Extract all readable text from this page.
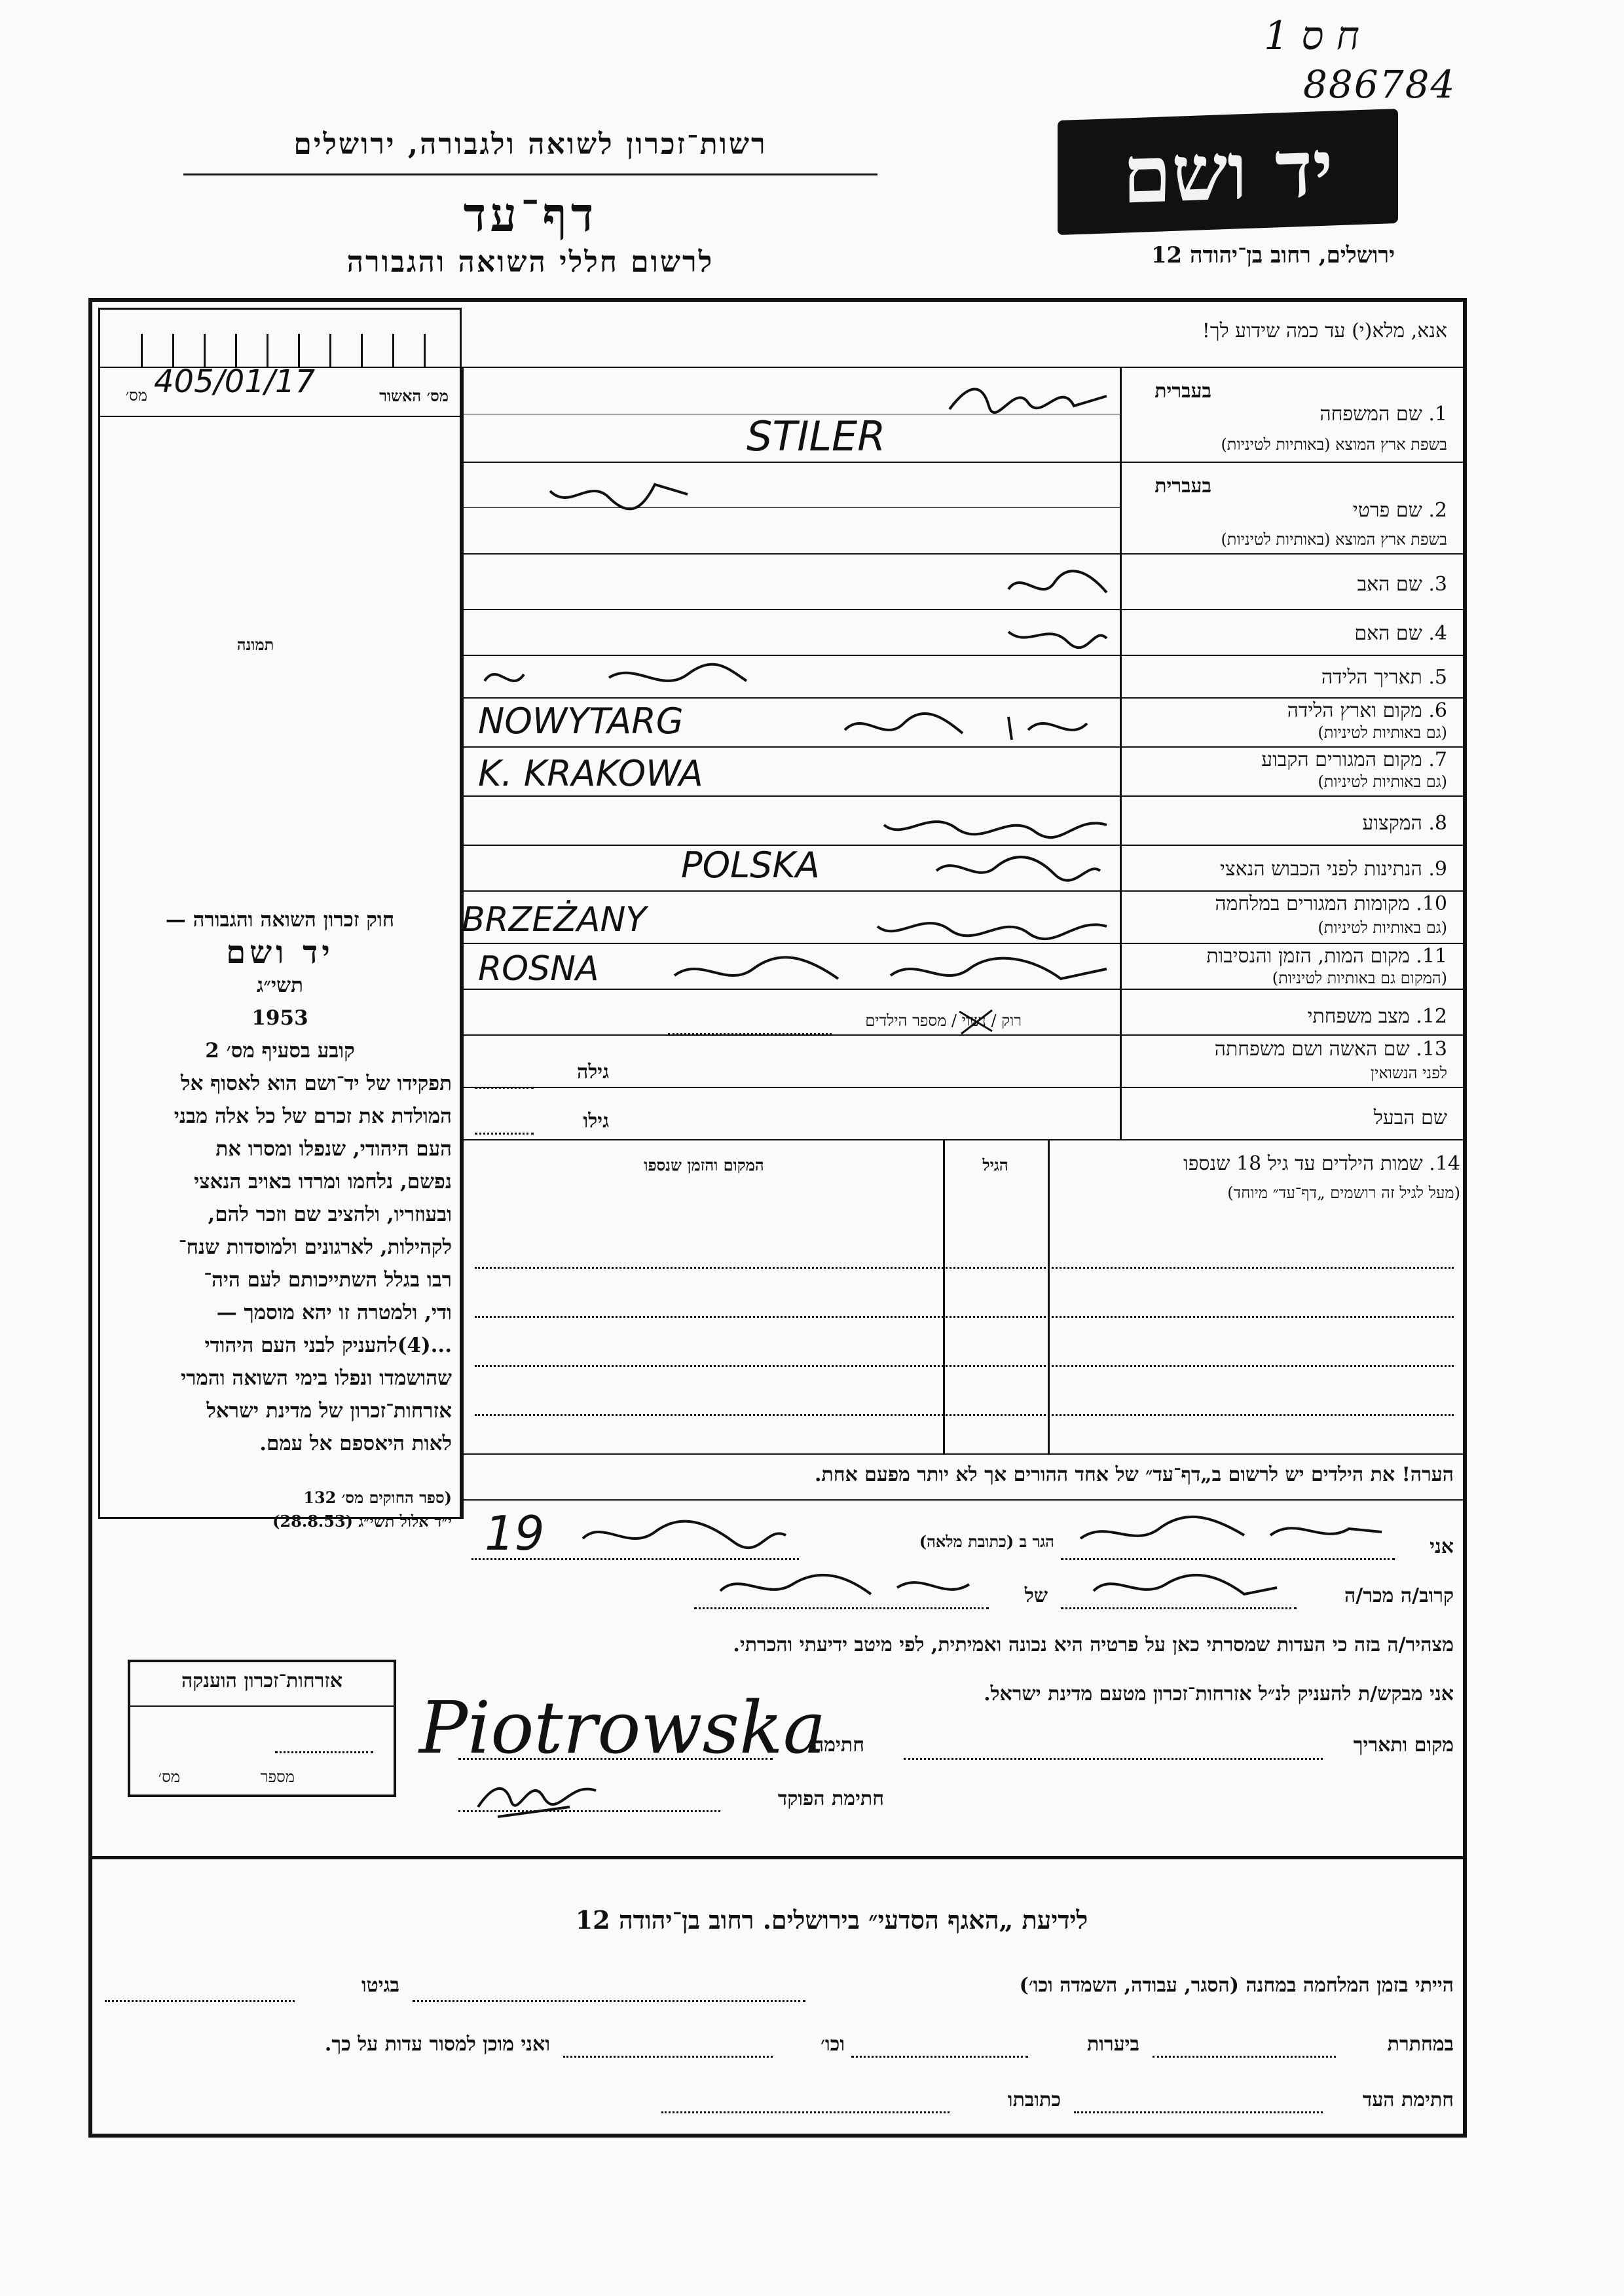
1 ח ס
886784
יד ושם
ירושלים, רחוב בן־יהודה 12
רשות־זכרון לשואה ולגבורה, ירושלים
דף־עד
לרשום חללי השואה והגבורה
אנא, מלא(י) עד כמה שידוע לך!
מס׳ האשור
מס׳ 405/01/17
תמונה

חוק זכרון השואה והגבורה —

יד ושם

תשי״ג

1953

קובע בסעיף מס׳ 2

תפקידו של יד־ושם הוא לאסוף אל

המולדת את זכרם של כל אלה מבני

העם היהודי, שנפלו ומסרו את

נפשם, נלחמו ומרדו באויב הנאצי

ובעוזריו, ולהציב שם וזכר להם,

לקהילות, לארגונים ולמוסדות שנח־

רבו בגלל השתייכותם לעם היה־

ודי, ולמטרה זו יהא מוסמך —

...(4)להעניק לבני העם היהודי

שהושמדו ונפלו בימי השואה והמרי

אזרחות־זכרון של מדינת ישראל

לאות היאספם אל עמם.

(ספר החוקים מס׳ 132

י״ד אלול תשי״ג (28.8.53)

בעברית
1. שם המשפחה
בשפת ארץ המוצא (באותיות לטיניות)
בעברית
2. שם פרטי
בשפת ארץ המוצא (באותיות לטיניות)
3. שם האב
4. שם האם
5. תאריך הלידה
6. מקום וארץ הלידה
(גם באותיות לטיניות)
7. מקום המגורים הקבוע
(גם באותיות לטיניות)
8. המקצוע
9. הנתינות לפני הכבוש הנאצי
10. מקומות המגורים במלחמה
(גם באותיות לטיניות)
11. מקום המות, הזמן והנסיבות
(המקום גם באותיות לטיניות)
12. מצב משפחתי
13. שם האשה ושם משפחתה
לפני הנשואין
שם הבעל
רוק / נשוי / מספר הילדים
גילה
גילו
STILER
NOWYTARG
K. KRAKOWA
POLSKA
BRZEŻANY
ROSNA
14. שמות הילדים עד גיל 18 שנספו
(מעל לגיל זה רושמים „דף־עד״ מיוחד)
הגיל
המקום והזמן שנספו
הערה! את הילדים יש לרשום ב„דף־עד״ של אחד ההורים אך לא יותר מפעם אחת.
אני
הגר ב (כתובת מלאה)
19
קרוב/ה מכר/ה
של
מצהיר/ה בזה כי העדות שמסרתי כאן על פרטיה היא נכונה ואמיתית, לפי מיטב ידיעתי והכרתי.
אני מבקש/ת להעניק לנ״ל אזרחות־זכרון מטעם מדינת ישראל.
מקום ותאריך
חתימה
Piotrowska
חתימת הפוקד
אזרחות־זכרון הוענקה
מספר
מס׳
לידיעת „האגף הסדעי״ בירושלים. רחוב בן־יהודה 12
הייתי בזמן המלחמה במחנה (הסגר, עבודה, השמדה וכו׳)
בגיטו
במחתרת
ביערות
וכו׳
ואני מוכן למסור עדות על כך.
חתימת העד
כתובתו
